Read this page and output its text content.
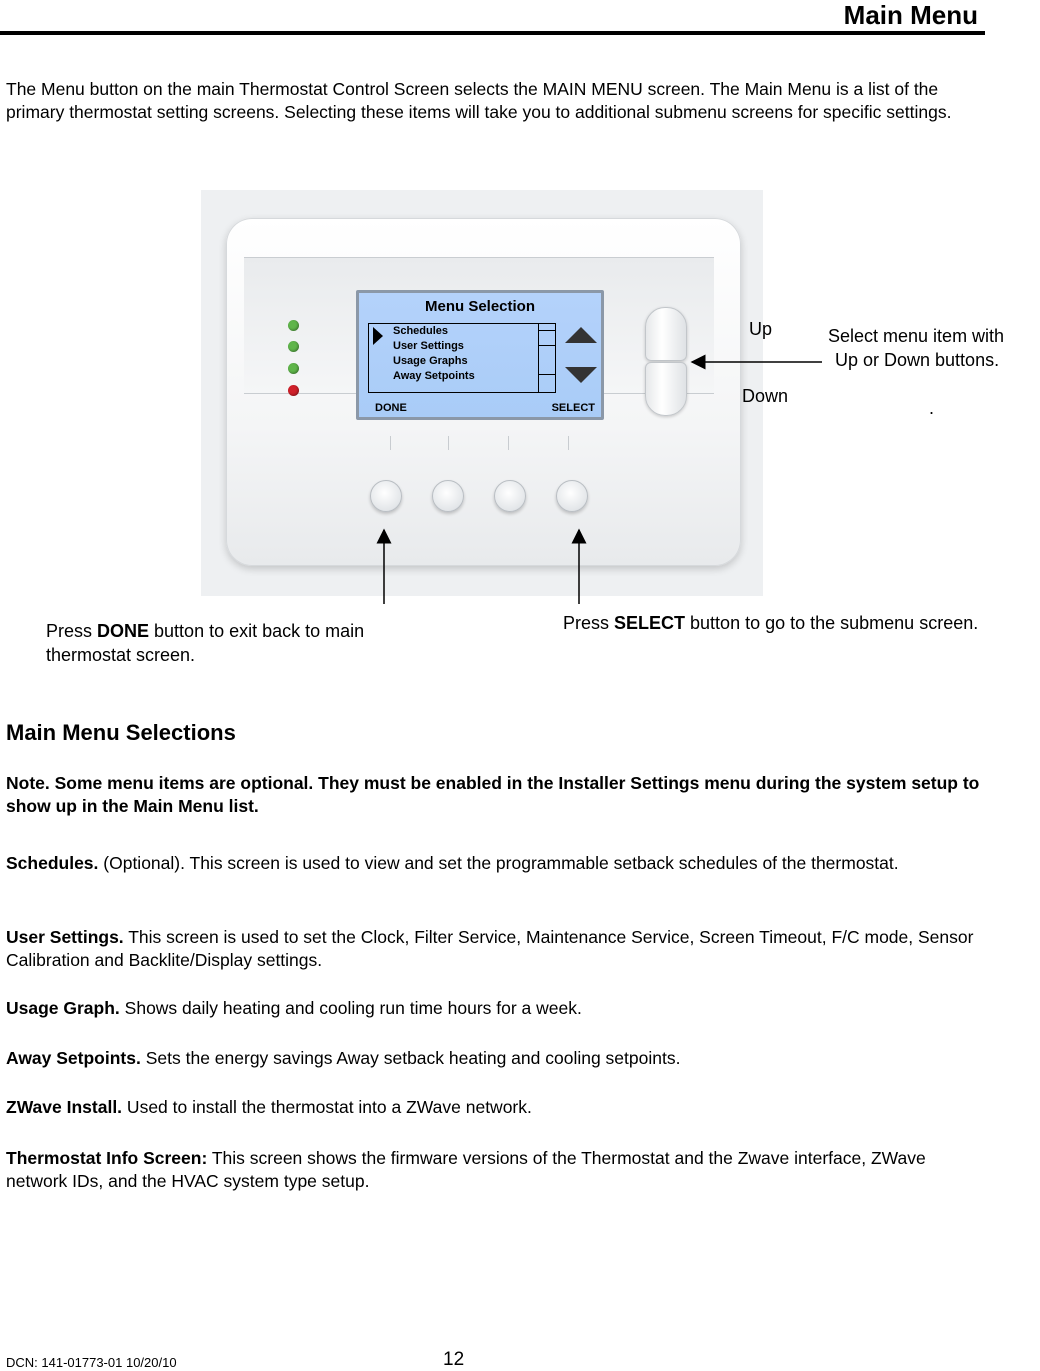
Main Menu
The Menu button on the main Thermostat Control Screen selects the MAIN MENU screen. The Main Menu is a list of the primary thermostat setting screens. Selecting these items will take you to additional submenu screens for specific settings.
Menu Selection
Schedules
User Settings
Usage Graphs
Away Setpoints
DONE	SELECT
Up
Down
Select menu item with
Up or Down buttons.
.
Press DONE button to exit back to main
thermostat screen.
Press SELECT button to go to the submenu screen.
Main Menu Selections
Note. Some menu items are optional. They must be enabled in the Installer Settings menu during the system setup to show up in the Main Menu list.
Schedules. (Optional). This screen is used to view and set the programmable setback schedules of the thermostat.
User Settings. This screen is used to set the Clock, Filter Service, Maintenance Service, Screen Timeout, F/C mode, Sensor Calibration and Backlite/Display settings.
Usage Graph. Shows daily heating and cooling run time hours for a week.
Away Setpoints. Sets the energy savings Away setback heating and cooling setpoints.
ZWave Install. Used to install the thermostat into a ZWave network.
Thermostat Info Screen: This screen shows the firmware versions of the Thermostat and the Zwave interface, ZWave network IDs, and the HVAC system type setup.
DCN: 141-01773-01 10/20/10	12
